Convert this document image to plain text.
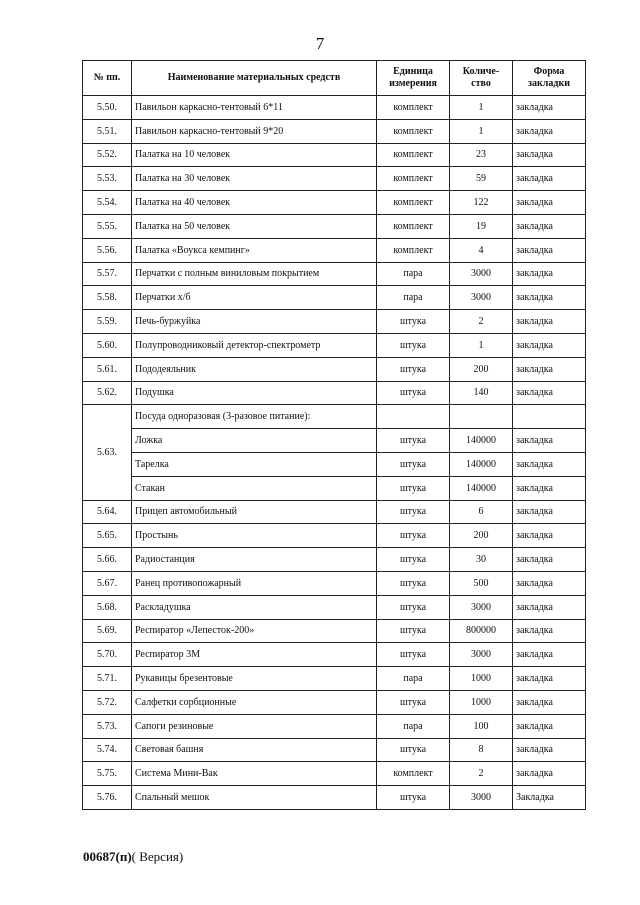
7
№ пп.	Наименование материальных средств	Единица измерения	Количе-ство	Форма закладки
5.50.	Павильон каркасно-тентовый 6*11	комплект	1	закладка
5.51.	Павильон каркасно-тентовый 9*20	комплект	1	закладка
5.52.	Палатка на 10 человек	комплект	23	закладка
5.53.	Палатка на 30 человек	комплект	59	закладка
5.54.	Палатка на 40 человек	комплект	122	закладка
5.55.	Палатка на 50 человек	комплект	19	закладка
5.56.	Палатка «Воукса кемпинг»	комплект	4	закладка
5.57.	Перчатки с полным виниловым покрытием	пара	3000	закладка
5.58.	Перчатки х/б	пара	3000	закладка
5.59.	Печь-буржуйка	штука	2	закладка
5.60.	Полупроводниковый детектор-спектрометр	штука	1	закладка
5.61.	Пододеяльник	штука	200	закладка
5.62.	Подушка	штука	140	закладка
5.63.	Посуда одноразовая (3-разовое питание):			
	Ложка	штука	140000	закладка
	Тарелка	штука	140000	закладка
	Стакан	штука	140000	закладка
5.64.	Прицеп автомобильный	штука	6	закладка
5.65.	Простынь	штука	200	закладка
5.66.	Радиостанция	штука	30	закладка
5.67.	Ранец противопожарный	штука	500	закладка
5.68.	Раскладушка	штука	3000	закладка
5.69.	Респиратор «Лепесток-200»	штука	800000	закладка
5.70.	Респиратор 3М	штука	3000	закладка
5.71.	Рукавицы брезентовые	пара	1000	закладка
5.72.	Салфетки сорбционные	штука	1000	закладка
5.73.	Сапоги резиновые	пара	100	закладка
5.74.	Световая башня	штука	8	закладка
5.75.	Система Мини-Вак	комплект	2	закладка
5.76.	Спальный мешок	штука	3000	Закладка
00687(п)( Версия)
